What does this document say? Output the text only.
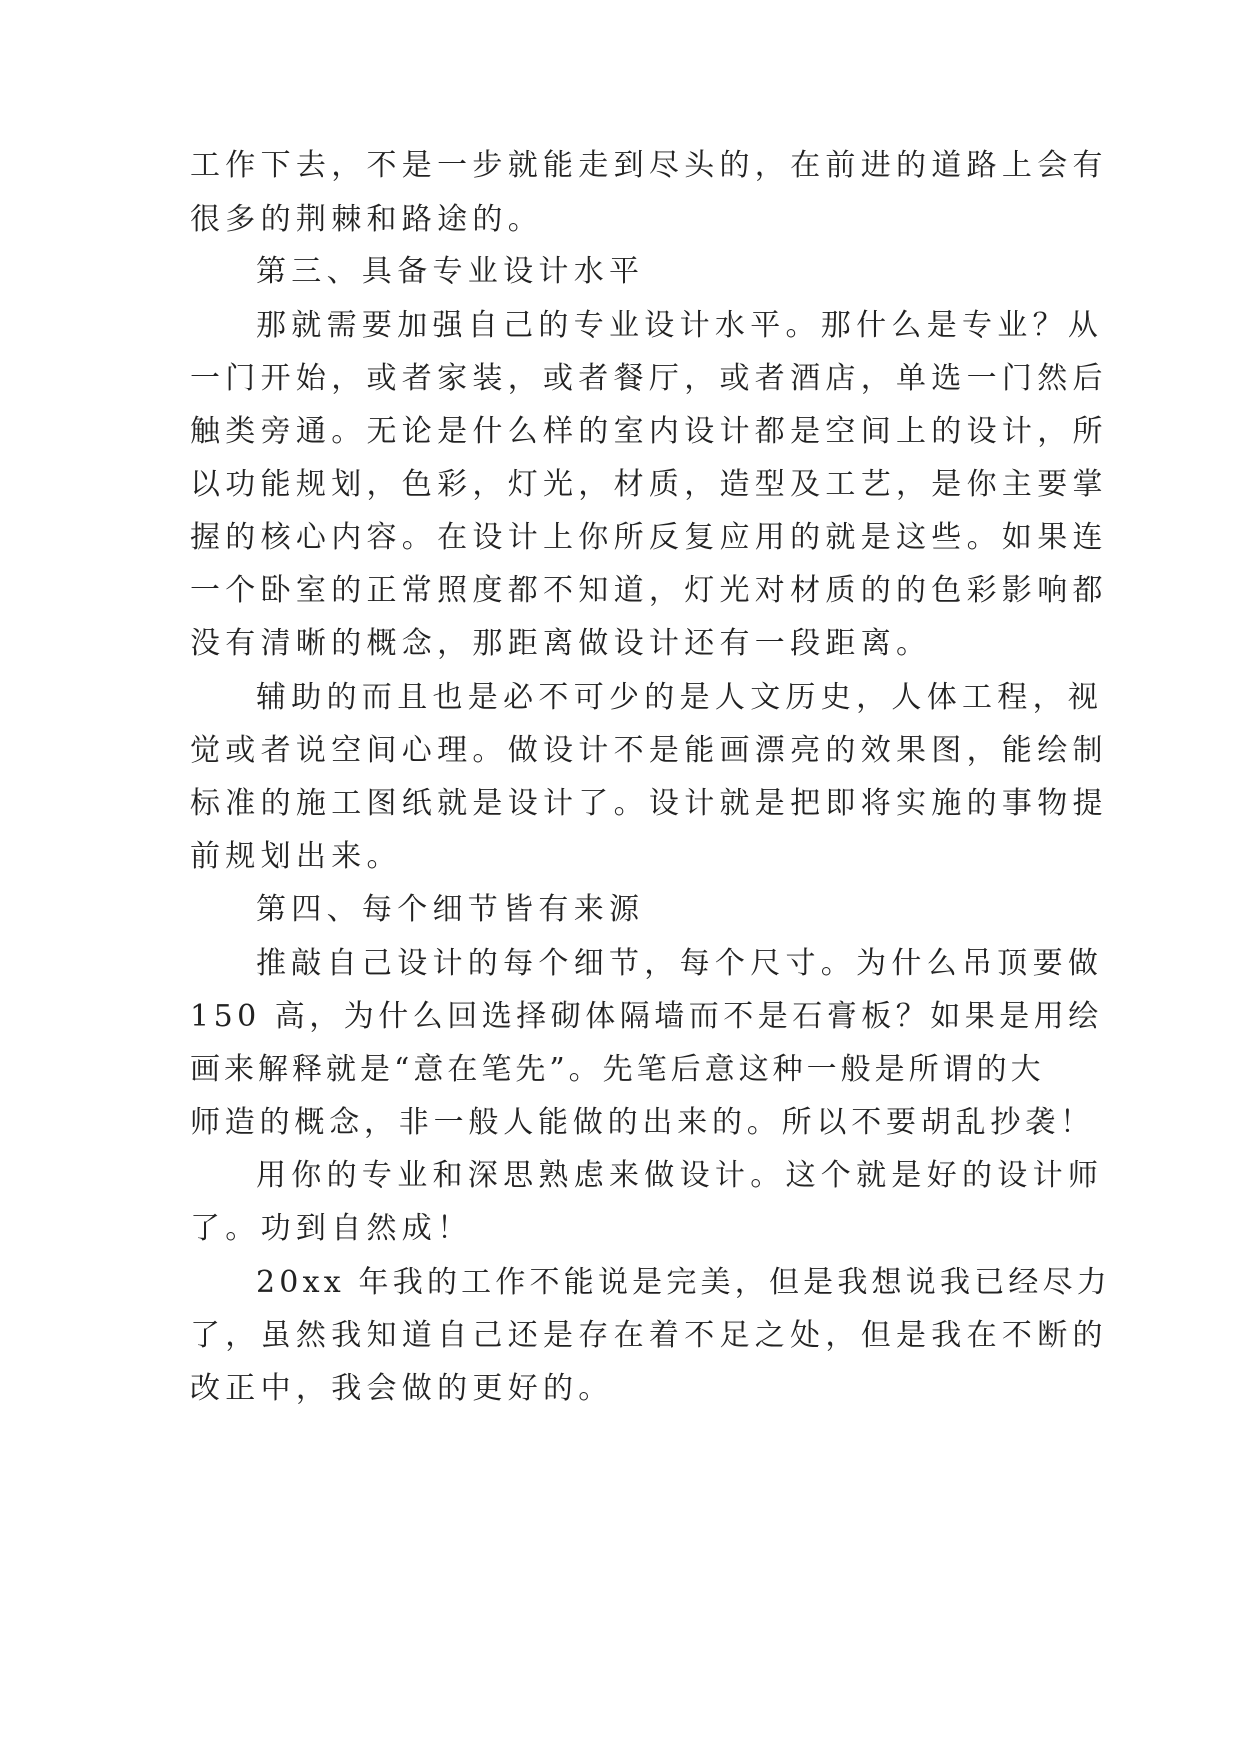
工作下去，不是一步就能走到尽头的，在前进的道路上会有

很多的荆棘和路途的。

第三、具备专业设计水平

那就需要加强自己的专业设计水平。那什么是专业？从

一门开始，或者家装，或者餐厅，或者酒店，单选一门然后

触类旁通。无论是什么样的室内设计都是空间上的设计，所

以功能规划，色彩，灯光，材质，造型及工艺，是你主要掌

握的核心内容。在设计上你所反复应用的就是这些。如果连

一个卧室的正常照度都不知道，灯光对材质的的色彩影响都

没有清晰的概念，那距离做设计还有一段距离。

辅助的而且也是必不可少的是人文历史，人体工程，视

觉或者说空间心理。做设计不是能画漂亮的效果图，能绘制

标准的施工图纸就是设计了。设计就是把即将实施的事物提

前规划出来。

第四、每个细节皆有来源

推敲自己设计的每个细节，每个尺寸。为什么吊顶要做

150 高，为什么回选择砌体隔墙而不是石膏板？如果是用绘

画来解释就是“意在笔先”。先笔后意这种一般是所谓的大

师造的概念，非一般人能做的出来的。所以不要胡乱抄袭！

用你的专业和深思熟虑来做设计。这个就是好的设计师

了。功到自然成！

20xx 年我的工作不能说是完美，但是我想说我已经尽力

了，虽然我知道自己还是存在着不足之处，但是我在不断的

改正中，我会做的更好的。
